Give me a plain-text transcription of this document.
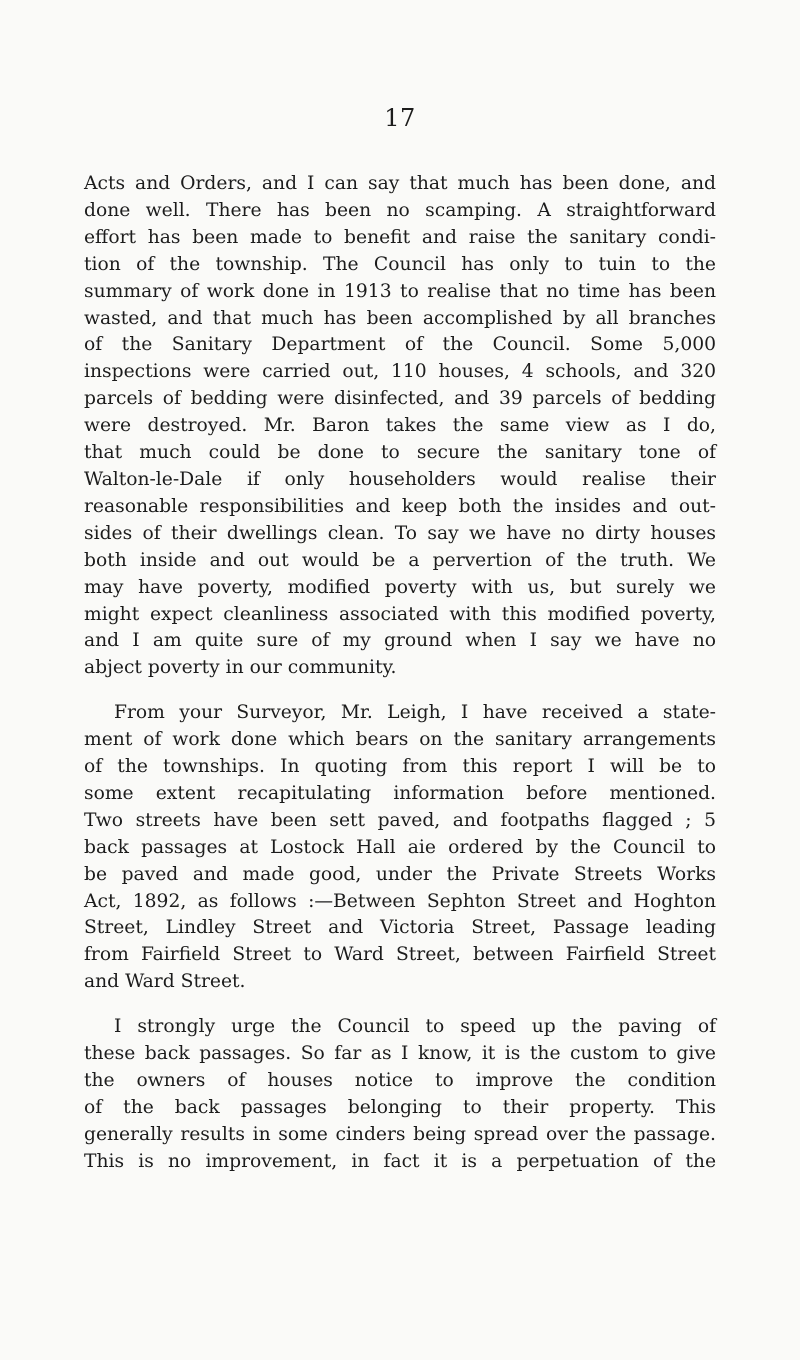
17

Acts and Orders, and I can say that much has been done, and
done well. There has been no scamping. A straightforward
effort has been made to benefit and raise the sanitary condi-
tion of the township. The Council has only to tuin to the
summary of work done in 1913 to realise that no time has been
wasted, and that much has been accomplished by all branches
of the Sanitary Department of the Council. Some 5,000
inspections were carried out, 110 houses, 4 schools, and 320
parcels of bedding were disinfected, and 39 parcels of bedding
were destroyed. Mr. Baron takes the same view as I do,
that much could be done to secure the sanitary tone of
Walton-le-Dale if only householders would realise their
reasonable responsibilities and keep both the insides and out-
sides of their dwellings clean. To say we have no dirty houses
both inside and out would be a pervertion of the truth. We
may have poverty, modified poverty with us, but surely we
might expect cleanliness associated with this modified poverty,
and I am quite sure of my ground when I say we have no
abject poverty in our community.

From your Surveyor, Mr. Leigh, I have received a state-
ment of work done which bears on the sanitary arrangements
of the townships. In quoting from this report I will be to
some extent recapitulating information before mentioned.
Two streets have been sett paved, and footpaths flagged ; 5
back passages at Lostock Hall aie ordered by the Council to
be paved and made good, under the Private Streets Works
Act, 1892, as follows :—Between Sephton Street and Hoghton
Street, Lindley Street and Victoria Street, Passage leading
from Fairfield Street to Ward Street, between Fairfield Street
and Ward Street.

I strongly urge the Council to speed up the paving of
these back passages. So far as I know, it is the custom to give
the owners of houses notice to improve the condition
of the back passages belonging to their property. This
generally results in some cinders being spread over the passage.
This is no improvement, in fact it is a perpetuation of the
